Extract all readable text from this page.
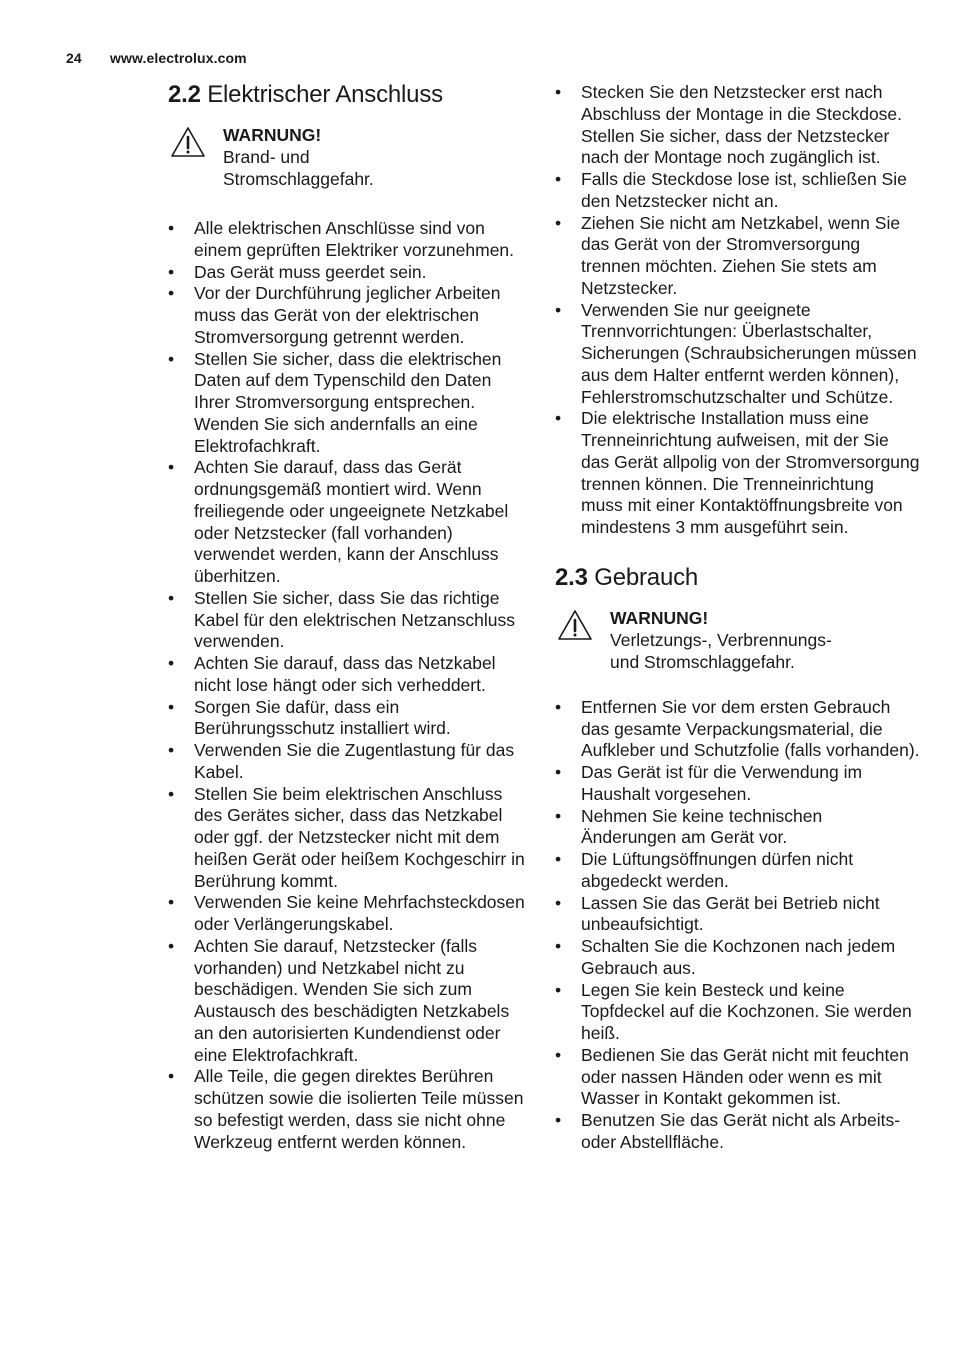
24 www.electrolux.com
2.2 Elektrischer Anschluss
WARNUNG!
Brand- und
Stromschlaggefahr.
• Alle elektrischen Anschlüsse sind von einem geprüften Elektriker vorzunehmen.
• Das Gerät muss geerdet sein.
• Vor der Durchführung jeglicher Arbeiten muss das Gerät von der elektrischen Stromversorgung getrennt werden.
• Stellen Sie sicher, dass die elektrischen Daten auf dem Typenschild den Daten Ihrer Stromversorgung entsprechen. Wenden Sie sich andernfalls an eine Elektrofachkraft.
• Achten Sie darauf, dass das Gerät ordnungsgemäß montiert wird. Wenn freiliegende oder ungeeignete Netzkabel oder Netzstecker (fall vorhanden) verwendet werden, kann der Anschluss überhitzen.
• Stellen Sie sicher, dass Sie das richtige Kabel für den elektrischen Netzanschluss verwenden.
• Achten Sie darauf, dass das Netzkabel nicht lose hängt oder sich verheddert.
• Sorgen Sie dafür, dass ein Berührungsschutz installiert wird.
• Verwenden Sie die Zugentlastung für das Kabel.
• Stellen Sie beim elektrischen Anschluss des Gerätes sicher, dass das Netzkabel oder ggf. der Netzstecker nicht mit dem heißen Gerät oder heißem Kochgeschirr in Berührung kommt.
• Verwenden Sie keine Mehrfachsteckdosen oder Verlängerungskabel.
• Achten Sie darauf, Netzstecker (falls vorhanden) und Netzkabel nicht zu beschädigen. Wenden Sie sich zum Austausch des beschädigten Netzkabels an den autorisierten Kundendienst oder eine Elektrofachkraft.
• Alle Teile, die gegen direktes Berühren schützen sowie die isolierten Teile müssen so befestigt werden, dass sie nicht ohne Werkzeug entfernt werden können.
• Stecken Sie den Netzstecker erst nach Abschluss der Montage in die Steckdose. Stellen Sie sicher, dass der Netzstecker nach der Montage noch zugänglich ist.
• Falls die Steckdose lose ist, schließen Sie den Netzstecker nicht an.
• Ziehen Sie nicht am Netzkabel, wenn Sie das Gerät von der Stromversorgung trennen möchten. Ziehen Sie stets am Netzstecker.
• Verwenden Sie nur geeignete Trennvorrichtungen: Überlastschalter, Sicherungen (Schraubsicherungen müssen aus dem Halter entfernt werden können), Fehlerstromschutzschalter und Schütze.
• Die elektrische Installation muss eine Trenneinrichtung aufweisen, mit der Sie das Gerät allpolig von der Stromversorgung trennen können. Die Trenneinrichtung muss mit einer Kontaktöffnungsbreite von mindestens 3 mm ausgeführt sein.
2.3 Gebrauch
WARNUNG!
Verletzungs-, Verbrennungs-
und Stromschlaggefahr.
• Entfernen Sie vor dem ersten Gebrauch das gesamte Verpackungsmaterial, die Aufkleber und Schutzfolie (falls vorhanden).
• Das Gerät ist für die Verwendung im Haushalt vorgesehen.
• Nehmen Sie keine technischen Änderungen am Gerät vor.
• Die Lüftungsöffnungen dürfen nicht abgedeckt werden.
• Lassen Sie das Gerät bei Betrieb nicht unbeaufsichtigt.
• Schalten Sie die Kochzonen nach jedem Gebrauch aus.
• Legen Sie kein Besteck und keine Topfdeckel auf die Kochzonen. Sie werden heiß.
• Bedienen Sie das Gerät nicht mit feuchten oder nassen Händen oder wenn es mit Wasser in Kontakt gekommen ist.
• Benutzen Sie das Gerät nicht als Arbeits- oder Abstellfläche.
